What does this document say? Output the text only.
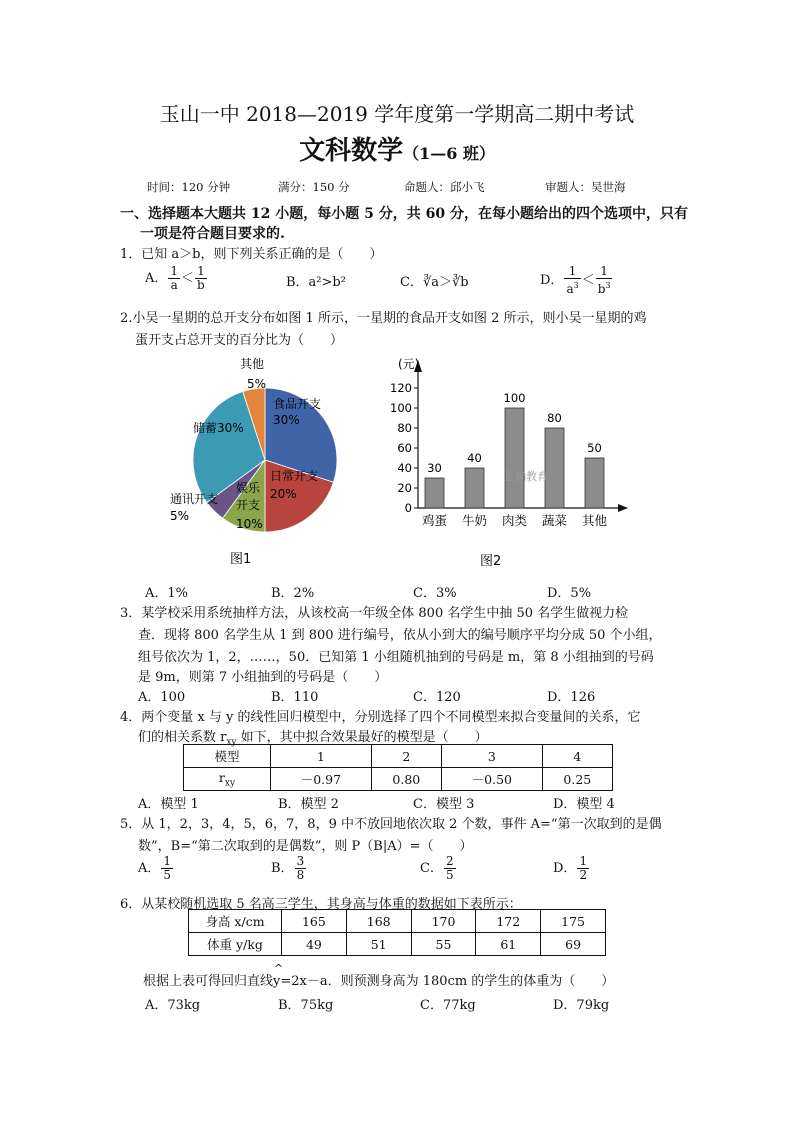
玉山一中 2018—2019 学年度第一学期高二期中考试
文科数学（1—6 班）
时间：120 分钟	满分：150 分	命题人：邱小飞	审题人：吴世海
一、选择题本大题共 12 小题，每小题 5 分，共 60 分，在每小题给出的四个选项中，只有
一项是符合题目要求的.
1．已知 a＞b，则下列关系正确的是（　　）
A． $\frac{1}{a} < \frac{1}{b}$	B．a²>b²	C．∛a＞∛b	D． $\frac{1}{a^3} < \frac{1}{b^3}$
2.小吴一星期的总开支分布如图 1 所示，一星期的食品开支如图 2 所示，则小吴一星期的鸡
蛋开支占总开支的百分比为（　　）
其他
5%
食品开支
30%
储蓄30%
日常开支
20%
娱乐
开支
10%
通讯开支
5%
图1
(元)
0
20
40
60
80
100
120
30
鸡蛋
40
牛奶
100
肉类
80
蔬菜
50
其他
正确教育
图2
A．1%	B．2%	C．3%	D．5%
3．某学校采用系统抽样方法，从该校高一年级全体 800 名学生中抽 50 名学生做视力检
查．现将 800 名学生从 1 到 800 进行编号，依从小到大的编号顺序平均分成 50 个小组，
组号依次为 1，2，……，50．已知第 1 小组随机抽到的号码是 m，第 8 小组抽到的号码
是 9m，则第 7 小组抽到的号码是（　　）
A．100	B．110	C．120	D．126
4．两个变量 x 与 y 的线性回归模型中，分别选择了四个不同模型来拟合变量间的关系，它
们的相关系数 $r_{xy}$ 如下，其中拟合效果最好的模型是（　　）
模型	1	2	3	4
$r_{xy}$	－0.97	0.80	－0.50	0.25
A．模型 1	B．模型 2	C．模型 3	D．模型 4
5．从 1，2，3，4，5，6，7，8，9 中不放回地依次取 2 个数，事件 A=“第一次取到的是偶
数”，B=“第二次取到的是偶数”，则 P（B|A）=（　　）
A． $\frac{1}{5}$	B． $\frac{3}{8}$	C． $\frac{2}{5}$	D． $\frac{1}{2}$
6．从某校随机选取 5 名高三学生，其身高与体重的数据如下表所示：
身高 x/cm	165	168	170	172	175
体重 y/kg	49	51	55	61	69
根据上表可得回归直线
^
y=2x－a．则预测身高为 180cm 的学生的体重为（　　）
A．73kg	B．75kg	C．77kg	D．79kg
